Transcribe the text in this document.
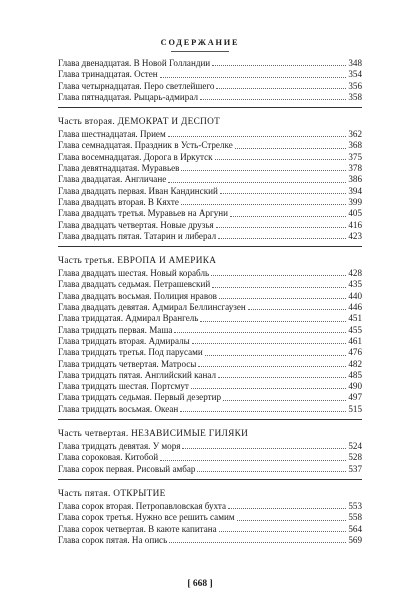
СОДЕРЖАНИЕ
Глава двенадцатая. В Новой Голландии	348
Глава тринадцатая. Остен	354
Глава четырнадцатая. Перо светлейшего	356
Глава пятнадцатая. Рыцарь-адмирал	358
Часть вторая. ДЕМОКРАТ И ДЕСПОТ
Глава шестнадцатая. Прием	362
Глава семнадцатая. Праздник в Усть-Стрелке	368
Глава восемнадцатая. Дорога в Иркутск	375
Глава девятнадцатая. Муравьев	378
Глава двадцатая. Англичане	386
Глава двадцать первая. Иван Кандинский	394
Глава двадцать вторая. В Кяхте	399
Глава двадцать третья. Муравьев на Аргуни	405
Глава двадцать четвертая. Новые друзья	416
Глава двадцать пятая. Татарин и либерал	423
Часть третья. ЕВРОПА И АМЕРИКА
Глава двадцать шестая. Новый корабль	428
Глава двадцать седьмая. Петрашевский	435
Глава двадцать восьмая. Полиция нравов	440
Глава двадцать девятая. Адмирал Беллинсгаузен	446
Глава тридцатая. Адмирал Врангель	451
Глава тридцать первая. Маша	455
Глава тридцать вторая. Адмиралы	461
Глава тридцать третья. Под парусами	476
Глава тридцать четвертая. Матросы	482
Глава тридцать пятая. Английский канал	485
Глава тридцать шестая. Портсмут	490
Глава тридцать седьмая. Первый дезертир	497
Глава тридцать восьмая. Океан	515
Часть четвертая. НЕЗАВИСИМЫЕ ГИЛЯКИ
Глава тридцать девятая. У моря	524
Глава сороковая. Китобой	528
Глава сорок первая. Рисовый амбар	537
Часть пятая. ОТКРЫТИЕ
Глава сорок вторая. Петропавловская бухта	553
Глава сорок третья. Нужно все решить самим	558
Глава сорок четвертая. В каюте капитана	564
Глава сорок пятая. На опись	569
[ 668 ]
